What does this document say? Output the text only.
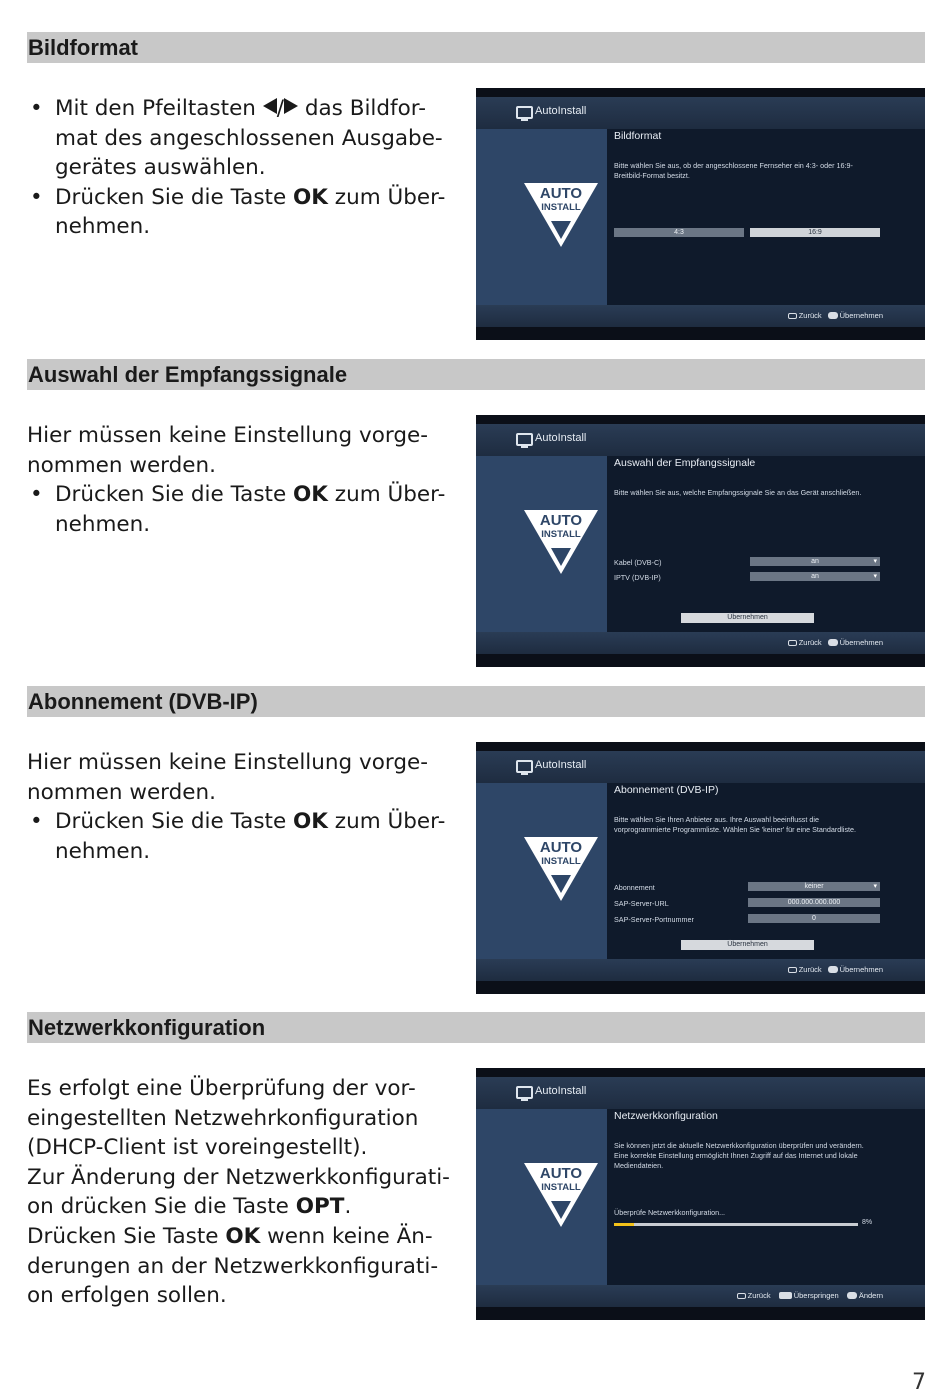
Bildformat
• Mit den Pfeiltasten / das Bildfor-
mat des angeschlossenen Ausgabe-
gerätes auswählen.
• Drücken Sie die Taste OK zum Über-
nehmen.
AutoInstall
AUTO
INSTALL
Bildformat
Bitte wählen Sie aus, ob der angeschlossene Fernseher ein 4:3- oder 16:9-Breitbild-Format besitzt.
4:3	16:9
Zurück Übernehmen
Auswahl der Empfangssignale

Hier müssen keine Einstellung vorge-
nommen werden.

• Drücken Sie die Taste OK zum Über-
nehmen.
AutoInstall
AUTO
INSTALL
Auswahl der Empfangssignale
Bitte wählen Sie aus, welche Empfangssignale Sie an das Gerät anschließen.
Kabel (DVB-C)	an	▾
IPTV (DVB-IP)	an	▾
Übernehmen
Zurück Übernehmen
Abonnement (DVB-IP)

Hier müssen keine Einstellung vorge-
nommen werden.

• Drücken Sie die Taste OK zum Über-
nehmen.
AutoInstall
AUTO
INSTALL
Abonnement (DVB-IP)
Bitte wählen Sie Ihren Anbieter aus. Ihre Auswahl beeinflusst die vorprogrammierte Programmliste. Wählen Sie 'keiner' für eine Standardliste.
Abonnement	keiner	▾
SAP-Server-URL	000.000.000.000
SAP-Server-Portnummer	0
Übernehmen
Zurück Übernehmen
Netzwerkkonfiguration

Es erfolgt eine Überprüfung der vor-
eingestellten Netzwehrkonfiguration
(DHCP-Client ist voreingestellt).
Zur Änderung der Netzwerkkonfigurati-
on drücken Sie die Taste OPT.
Drücken Sie Taste OK wenn keine Än-
derungen an der Netzwerkkonfigurati-
on erfolgen sollen.

AutoInstall
AUTO
INSTALL
Netzwerkkonfiguration
Sie können jetzt die aktuelle Netzwerkkonfiguration überprüfen und verändern. Eine korrekte Einstellung ermöglicht Ihnen Zugriff auf das Internet und lokale Mediendateien.
Überprüfe Netzwerkkonfiguration...
8%
Zurück	Überspringen	Ändern
7
